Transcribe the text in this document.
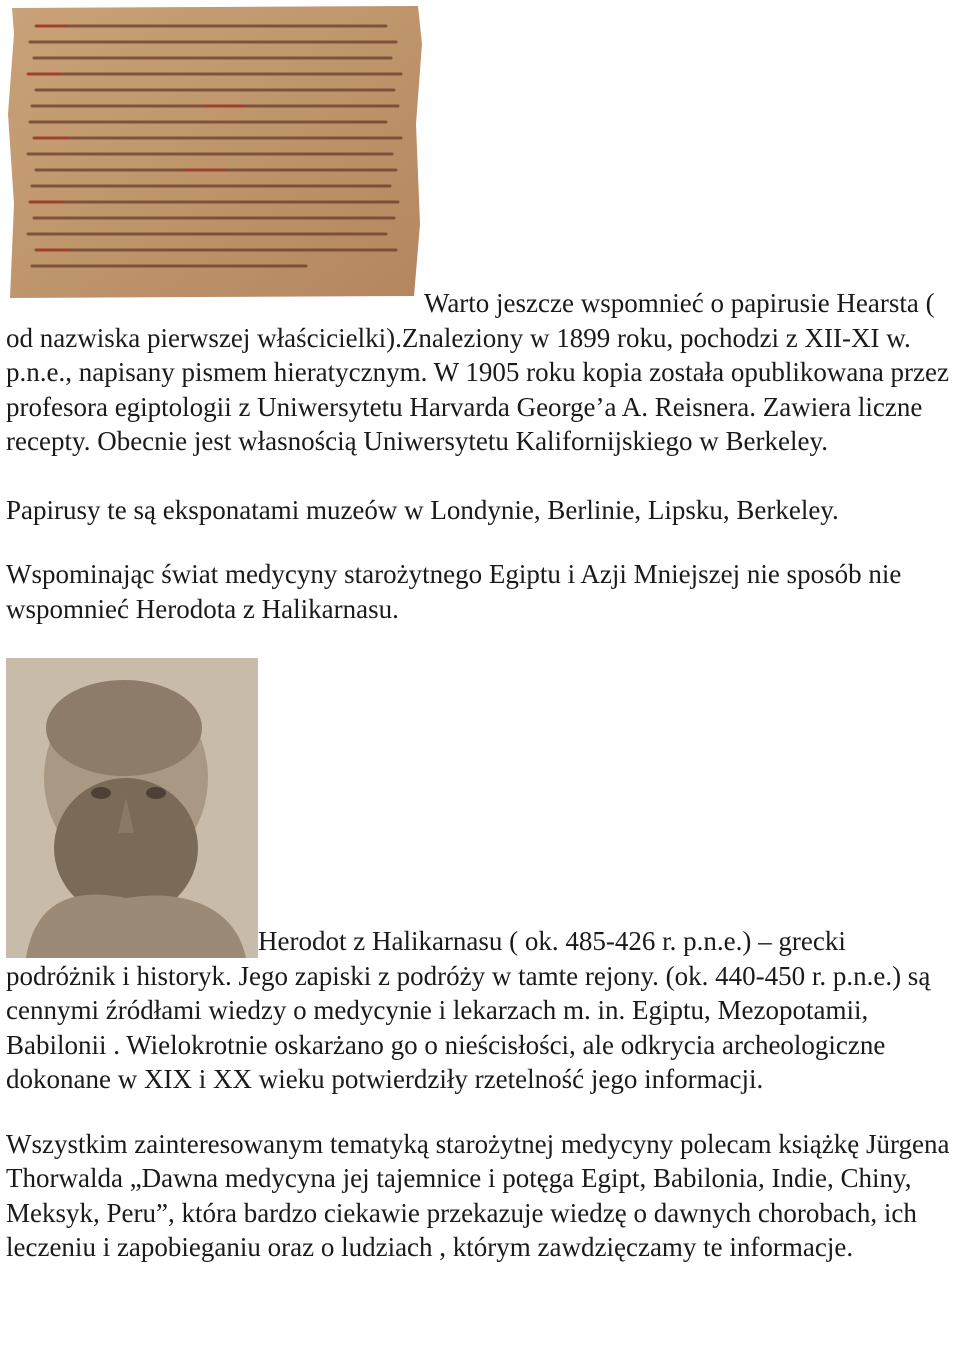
Warto jeszcze wspomnieć o papirusie Hearsta ( od nazwiska pierwszej właścicielki).Znaleziony w 1899 roku, pochodzi z XII-XI w. p.n.e., napisany pismem hieratycznym. W 1905 roku kopia została opublikowana przez profesora egiptologii z Uniwersytetu Harvarda George’a A. Reisnera. Zawiera liczne recepty. Obecnie jest własnością Uniwersytetu Kalifornijskiego w Berkeley.

Papirusy te są eksponatami muzeów w Londynie, Berlinie, Lipsku, Berkeley.

Wspominając świat medycyny starożytnego Egiptu i Azji Mniejszej nie sposób nie wspomnieć Herodota z Halikarnasu.

Herodot z Halikarnasu ( ok. 485-426 r. p.n.e.) – grecki podróżnik i historyk. Jego zapiski z podróży w tamte rejony. (ok. 440-450 r. p.n.e.) są cennymi źródłami wiedzy o medycynie i lekarzach m. in. Egiptu, Mezopotamii, Babilonii . Wielokrotnie oskarżano go o nieścisłości, ale odkrycia archeologiczne dokonane w XIX i XX wieku potwierdziły rzetelność jego informacji.

Wszystkim zainteresowanym tematyką starożytnej medycyny polecam książkę Jürgena Thorwalda „Dawna medycyna jej tajemnice i potęga Egipt, Babilonia, Indie, Chiny, Meksyk, Peru”, która bardzo ciekawie przekazuje wiedzę o dawnych chorobach, ich leczeniu i zapobieganiu oraz o ludziach , którym zawdzięczamy te informacje.
